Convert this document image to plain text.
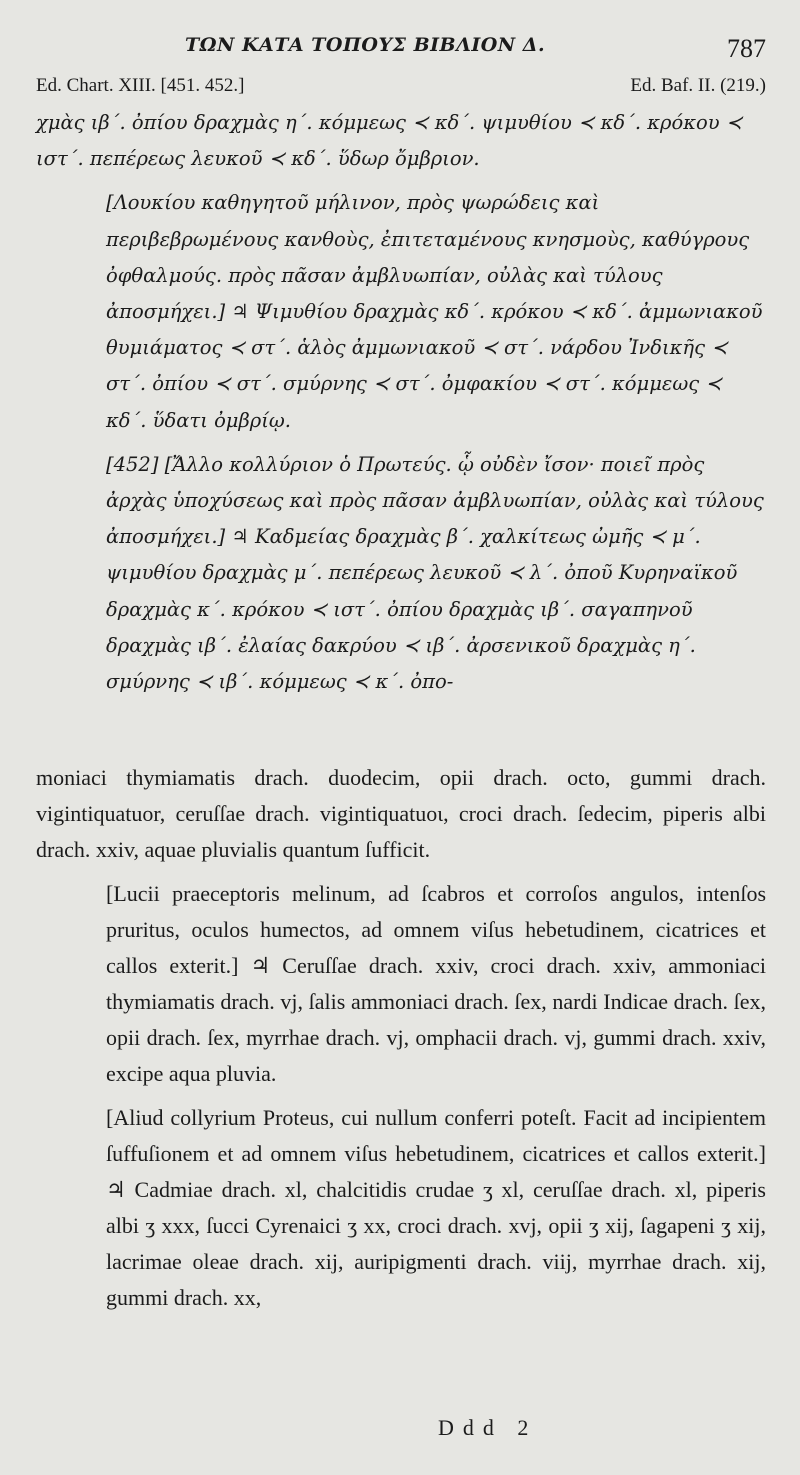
ΤΩΝ ΚΑΤΑ ΤΟΠΟΥΣ ΒΙΒΛΙΟΝ Δ.	787
Ed. Chart. XIII. [451. 452.]	Ed. Baf. II. (219.)

χμὰς ιβ΄. ὀπίου δραχμὰς η΄. κόμμεως ≺ κδ΄. ψιμυθίου ≺ κδ΄. κρόκου ≺ ιστ΄. πεπέρεως λευκοῦ ≺ κδ΄. ὕδωρ ὄμβριον.

[Λουκίου καθηγητοῦ μήλινον, πρὸς ψωρώδεις καὶ περιβεβρωμένους κανθοὺς, ἐπιτεταμένους κνησμοὺς, καθύγρους ὀφθαλμούς. πρὸς πᾶσαν ἀμβλυωπίαν, οὐλὰς καὶ τύλους ἀποσμήχει.] ♃ Ψιμυθίου δραχμὰς κδ΄. κρόκου ≺ κδ΄. ἀμμωνιακοῦ θυμιάματος ≺ στ΄. ἁλὸς ἀμμωνιακοῦ ≺ στ΄. νάρδου Ἰνδικῆς ≺ στ΄. ὀπίου ≺ στ΄. σμύρνης ≺ στ΄. ὀμφακίου ≺ στ΄. κόμμεως ≺ κδ΄. ὕδατι ὀμβρίῳ.

[452] [Ἄλλο κολλύριον ὁ Πρωτεύς. ᾧ οὐδὲν ἴσον· ποιεῖ πρὸς ἀρχὰς ὑποχύσεως καὶ πρὸς πᾶσαν ἀμβλυωπίαν, οὐλὰς καὶ τύλους ἀποσμήχει.] ♃ Καδμείας δραχμὰς β΄. χαλκίτεως ὠμῆς ≺ μ΄. ψιμυθίου δραχμὰς μ΄. πεπέρεως λευκοῦ ≺ λ΄. ὀποῦ Κυρηναϊκοῦ δραχμὰς κ΄. κρόκου ≺ ιστ΄. ὀπίου δραχμὰς ιβ΄. σαγαπηνοῦ δραχμὰς ιβ΄. ἐλαίας δακρύου ≺ ιβ΄. ἀρσενικοῦ δραχμὰς η΄. σμύρνης ≺ ιβ΄. κόμμεως ≺ κ΄. ὀπο-

moniaci thymiamatis drach. duodecim, opii drach. octo, gummi drach. vigintiquatuor, ceruſſae drach. vigintiquatuoι, croci drach. ſedecim, piperis albi drach. xxiv, aquae pluvialis quantum ſufficit.

[Lucii praeceptoris melinum, ad ſcabros et corroſos angulos, intenſos pruritus, oculos humectos, ad omnem viſus hebetudinem, cicatrices et callos exterit.] ♃ Ceruſſae drach. xxiv, croci drach. xxiv, ammoniaci thymiamatis drach. vj, ſalis ammoniaci drach. ſex, nardi Indicae drach. ſex, opii drach. ſex, myrrhae drach. vj, omphacii drach. vj, gummi drach. xxiv, excipe aqua pluvia.

[Aliud collyrium Proteus, cui nullum conferri poteſt. Facit ad incipientem ſuffuſionem et ad omnem viſus hebetudinem, cicatrices et callos exterit.] ♃ Cadmiae drach. xl, chalcitidis crudae ʒ xl, ceruſſae drach. xl, piperis albi ʒ xxx, ſucci Cyrenaici ʒ xx, croci drach. xvj, opii ʒ xij, ſagapeni ʒ xij, lacrimae oleae drach. xij, auripigmenti drach. viij, myrrhae drach. xij, gummi drach. xx,

Ddd 2
